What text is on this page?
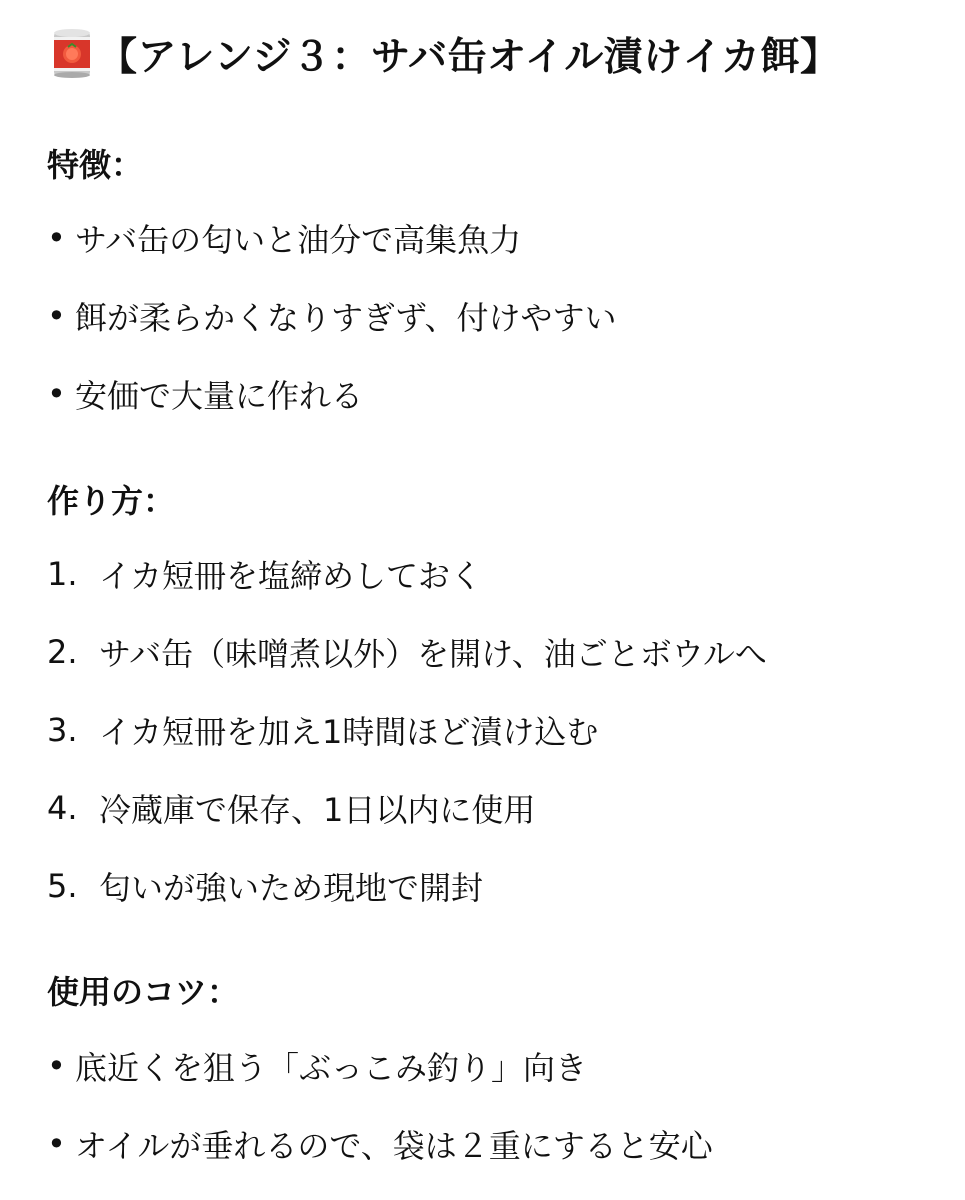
【アレンジ３：サバ缶オイル漬けイカ餌】
特徴：
• サバ缶の匂いと油分で高集魚力
• 餌が柔らかくなりすぎず、付けやすい
• 安価で大量に作れる
作り方：
1. イカ短冊を塩締めしておく
2. サバ缶（味噌煮以外）を開け、油ごとボウルへ
3. イカ短冊を加え1時間ほど漬け込む
4. 冷蔵庫で保存、1日以内に使用
5. 匂いが強いため現地で開封
使用のコツ：
• 底近くを狙う「ぶっこみ釣り」向き
• オイルが垂れるので、袋は２重にすると安心
